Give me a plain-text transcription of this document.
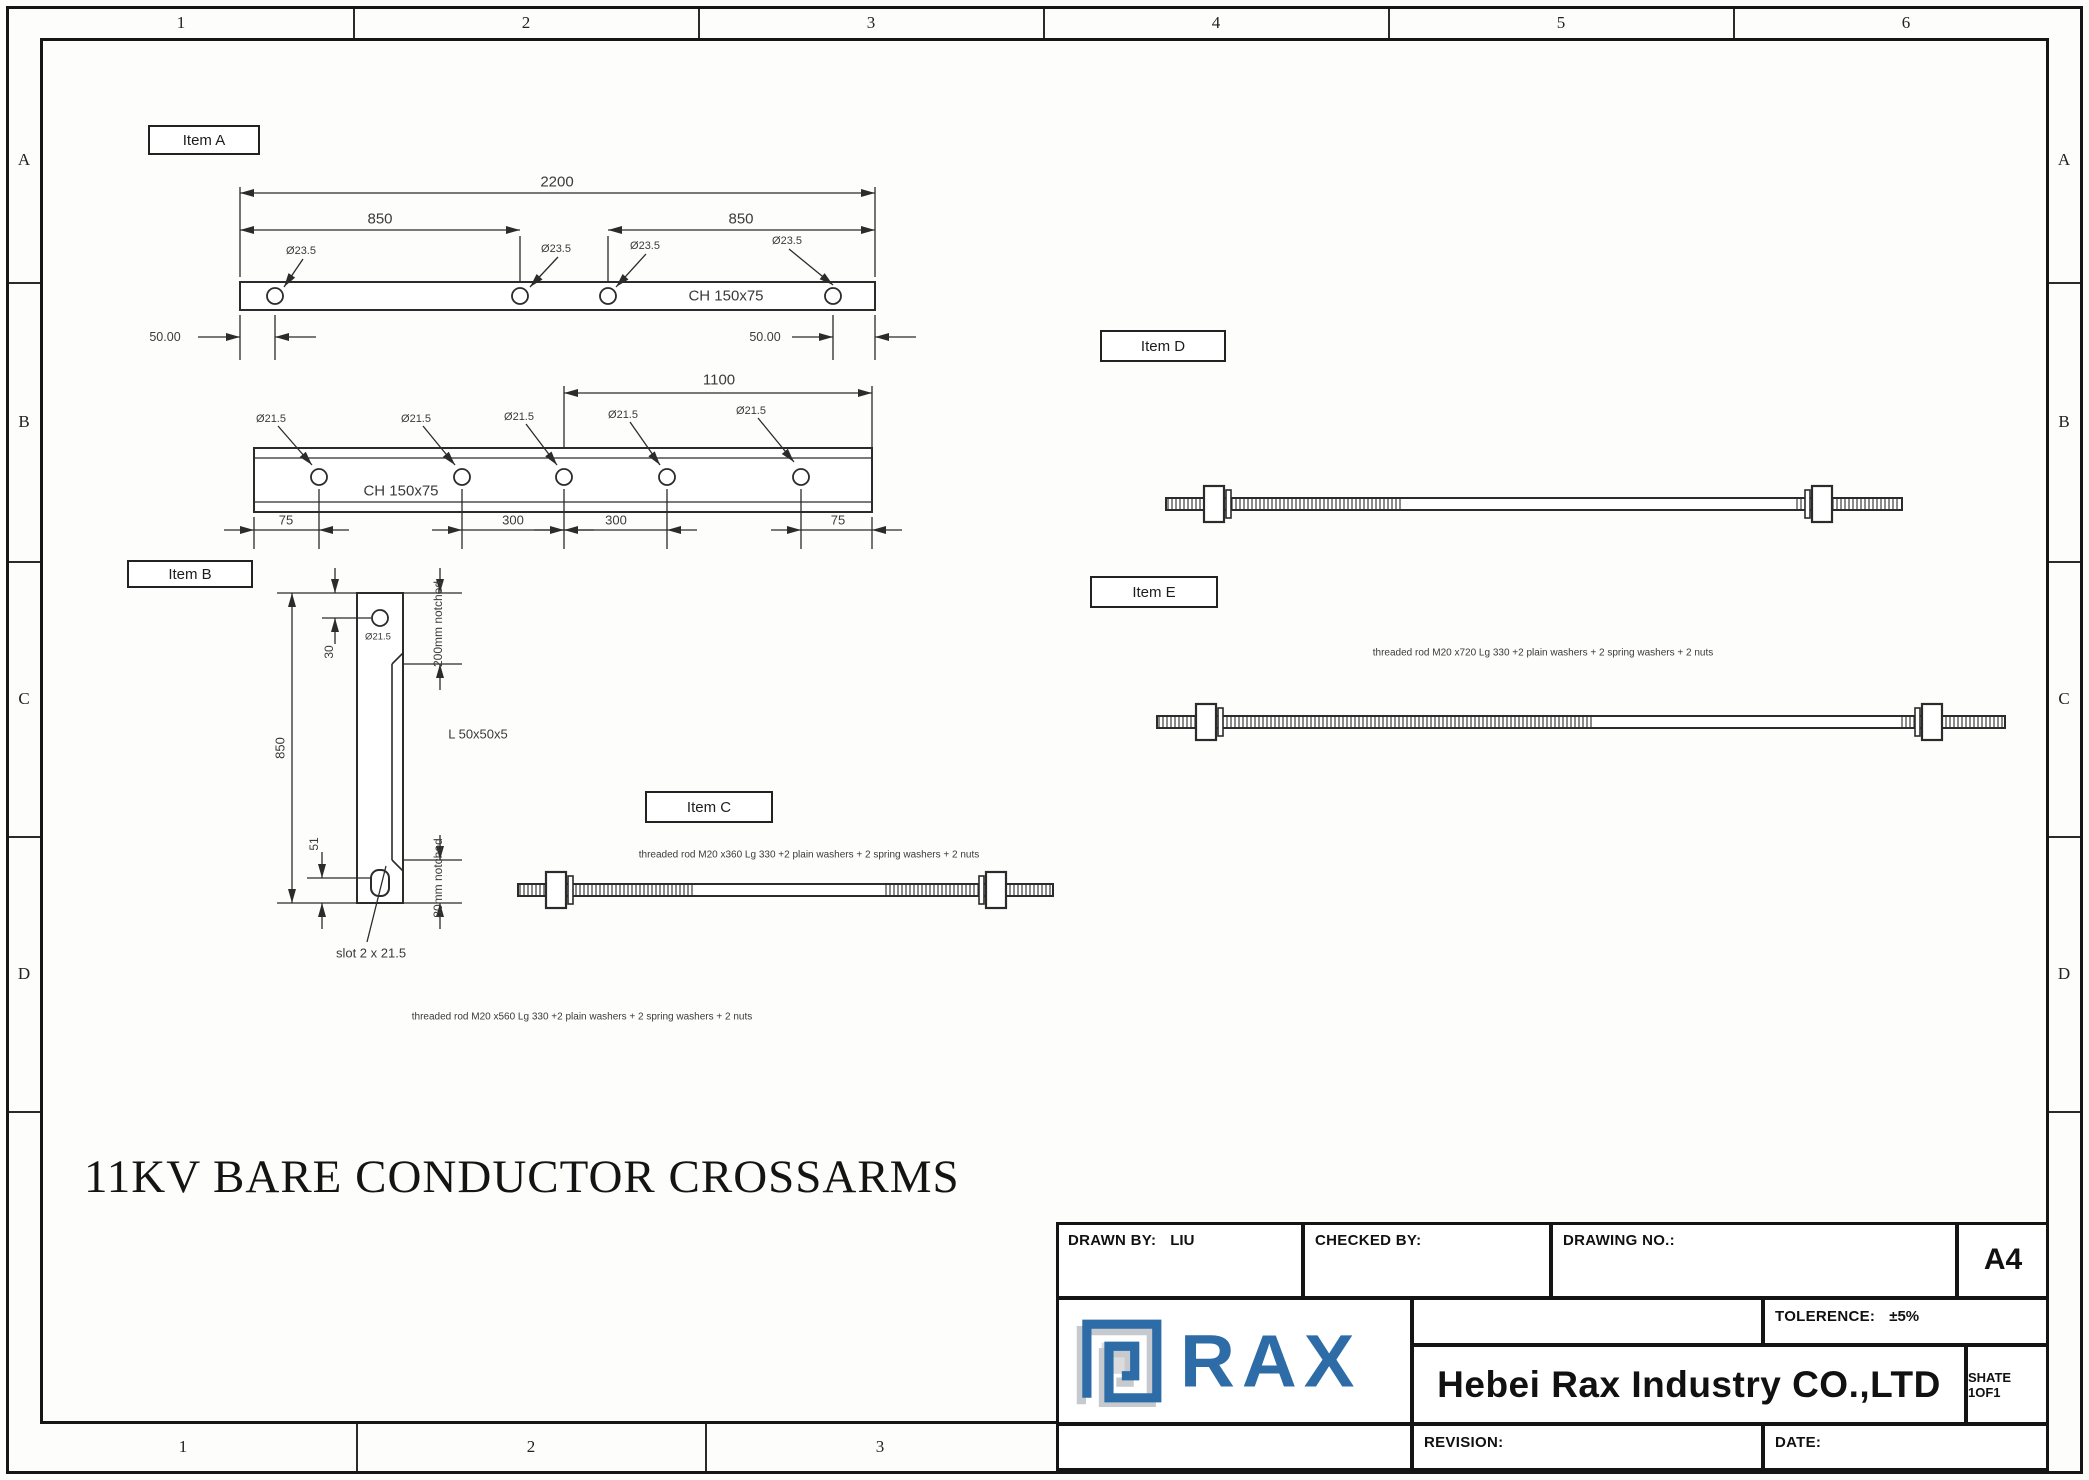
1	2	3	4	5	6
1	2	3
A
B
C
D
A
B
C
D
2200
850	850
Ø23.5	Ø23.5	Ø23.5	Ø23.5
CH 150x75
50.00	50.00
1100
Ø21.5	Ø21.5	Ø21.5	Ø21.5	Ø21.5
CH 150x75
75	300	300	75
850
30
Ø21.5	200mm notched
L 50x50x5
51	80mm notched
slot 2 x 21.5
threaded rod M20 x360 Lg 330 +2 plain washers + 2 spring washers + 2 nuts
threaded rod M20 x560 Lg 330 +2 plain washers + 2 spring washers + 2 nuts
threaded rod M20 x720 Lg 330 +2 plain washers + 2 spring washers + 2 nuts
Item A
Item B
Item C
Item D
Item E
11KV BARE CONDUCTOR CROSSARMS
DRAWN BY: LIU	CHECKED BY:	DRAWING NO.:
A4
RAX
TOLERENCE: ±5%
Hebei Rax Industry CO.,LTD SHATE 1OF1
REVISION:	DATE:
